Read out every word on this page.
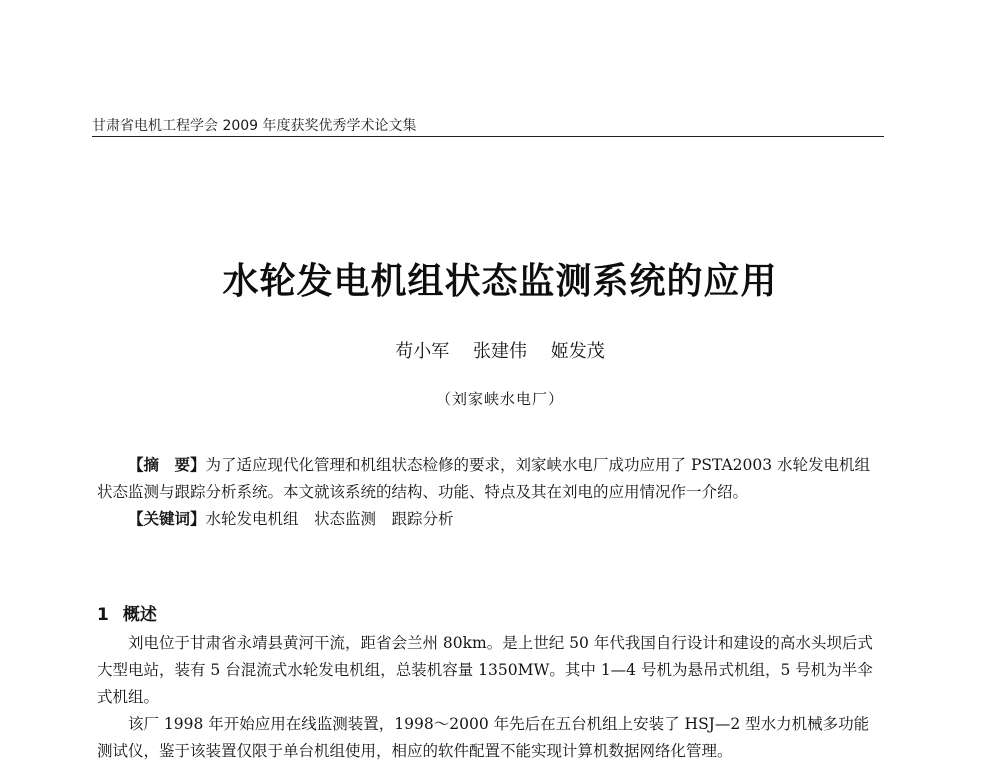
甘肃省电机工程学会 2009 年度获奖优秀学术论文集
水轮发电机组状态监测系统的应用
苟小军 张建伟 姬发茂
（刘家峡水电厂）

【摘　要】为了适应现代化管理和机组状态检修的要求，刘家峡水电厂成功应用了 PSTA2003 水轮发电机组状态监测与跟踪分析系统。本文就该系统的结构、功能、特点及其在刘电的应用情况作一介绍。

【关键词】水轮发电机组　状态监测　跟踪分析

1 概述

刘电位于甘肃省永靖县黄河干流，距省会兰州 80km。是上世纪 50 年代我国自行设计和建设的高水头坝后式大型电站，装有 5 台混流式水轮发电机组，总装机容量 1350MW。其中 1—4 号机为悬吊式机组，5 号机为半伞式机组。

该厂 1998 年开始应用在线监测装置，1998～2000 年先后在五台机组上安装了 HSJ—2 型水力机械多功能测试仪，鉴于该装置仅限于单台机组使用，相应的软件配置不能实现计算机数据网络化管理。
